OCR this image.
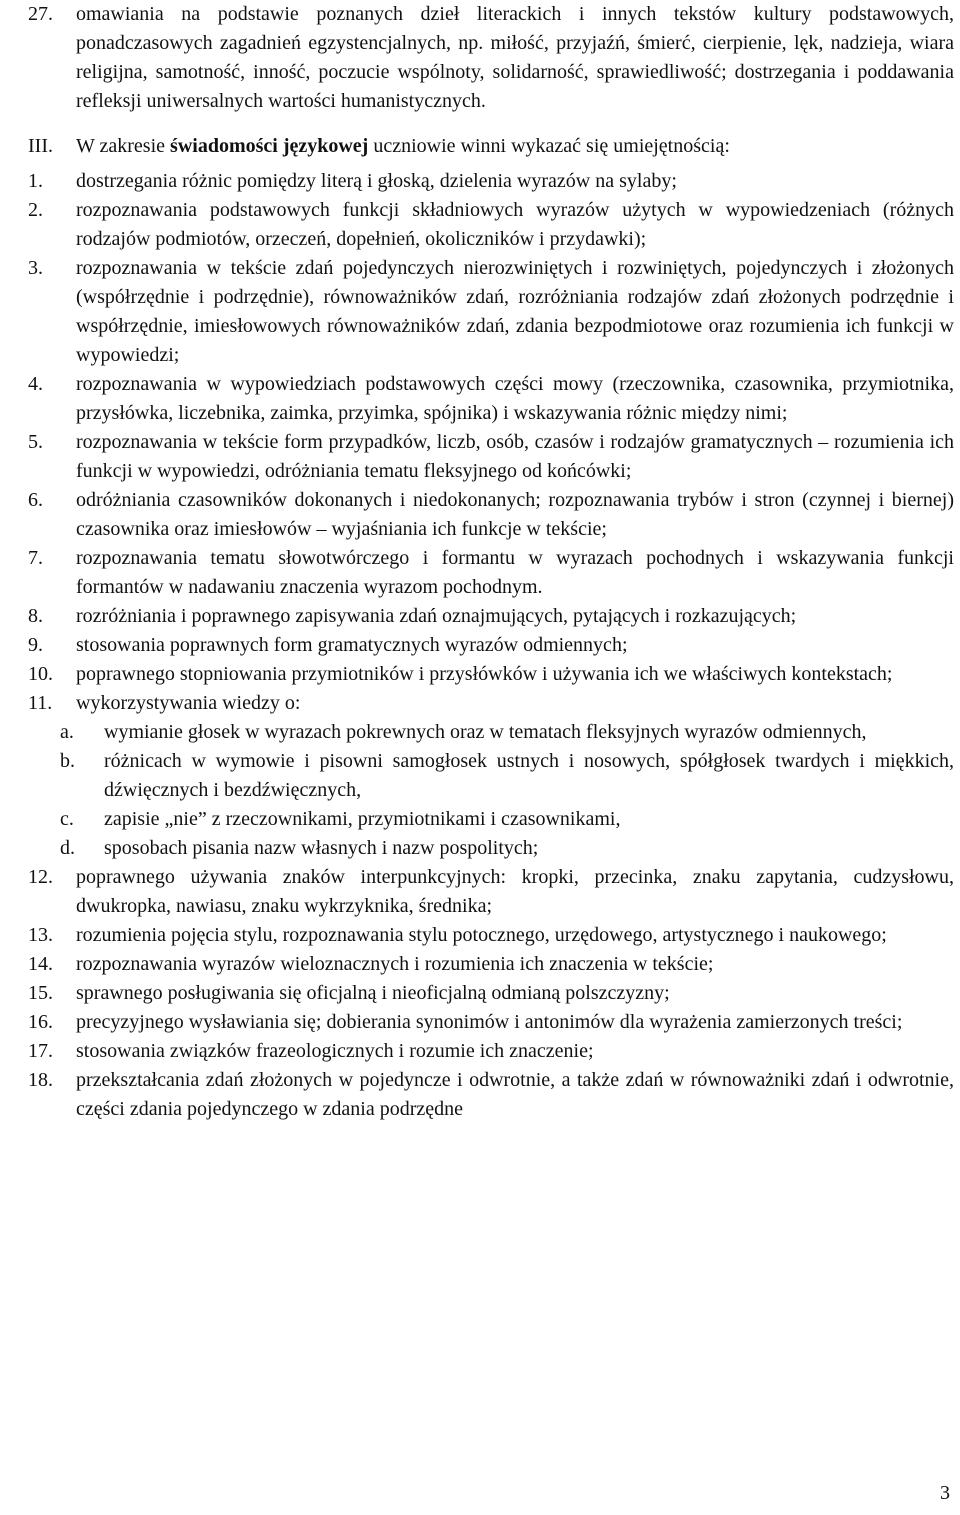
27. omawiania na podstawie poznanych dzieł literackich i innych tekstów kultury podstawowych, ponadczasowych zagadnień egzystencjalnych, np. miłość, przyjaźń, śmierć, cierpienie, lęk, nadzieja, wiara religijna, samotność, inność, poczucie wspólnoty, solidarność, sprawiedliwość; dostrzegania i poddawania refleksji uniwersalnych wartości humanistycznych.
III. W zakresie świadomości językowej uczniowie winni wykazać się umiejętnością:
1. dostrzegania różnic pomiędzy literą i głoską, dzielenia wyrazów na sylaby;
2. rozpoznawania podstawowych funkcji składniowych wyrazów użytych w wypowiedzeniach (różnych rodzajów podmiotów, orzeczeń, dopełnień, okoliczników i przydawki);
3. rozpoznawania w tekście zdań pojedynczych nierozwiniętych i rozwiniętych, pojedynczych i złożonych (współrzędnie i podrzędnie), równoważników zdań, rozróżniania rodzajów zdań złożonych podrzędnie i współrzędnie, imiesłowowych równoważników zdań, zdania bezpodmiotowe oraz rozumienia ich funkcji w wypowiedzi;
4. rozpoznawania w wypowiedziach podstawowych części mowy (rzeczownika, czasownika, przymiotnika, przysłówka, liczebnika, zaimka, przyimka, spójnika) i wskazywania różnic między nimi;
5. rozpoznawania w tekście form przypadków, liczb, osób, czasów i rodzajów gramatycznych – rozumienia ich funkcji w wypowiedzi, odróżniania tematu fleksyjnego od końcówki;
6. odróżniania czasowników dokonanych i niedokonanych; rozpoznawania trybów i stron (czynnej i biernej) czasownika oraz imiesłowów – wyjaśniania ich funkcje w tekście;
7. rozpoznawania tematu słowotwórczego i formantu w wyrazach pochodnych i wskazywania funkcji formantów w nadawaniu znaczenia wyrazom pochodnym.
8. rozróżniania i poprawnego zapisywania zdań oznajmujących, pytających i rozkazujących;
9. stosowania poprawnych form gramatycznych wyrazów odmiennych;
10. poprawnego stopniowania przymiotników i przysłówków i używania ich we właściwych kontekstach;
11. wykorzystywania wiedzy o:
a. wymianie głosek w wyrazach pokrewnych oraz w tematach fleksyjnych wyrazów odmiennych,
b. różnicach w wymowie i pisowni samogłosek ustnych i nosowych, spółgłosek twardych i miękkich, dźwięcznych i bezdźwięcznych,
c. zapisie „nie” z rzeczownikami, przymiotnikami i czasownikami,
d. sposobach pisania nazw własnych i nazw pospolitych;
12. poprawnego używania znaków interpunkcyjnych: kropki, przecinka, znaku zapytania, cudzysłowu, dwukropka, nawiasu, znaku wykrzyknika, średnika;
13. rozumienia pojęcia stylu, rozpoznawania stylu potocznego, urzędowego, artystycznego i naukowego;
14. rozpoznawania wyrazów wieloznacznych i rozumienia ich znaczenia w tekście;
15. sprawnego posługiwania się oficjalną i nieoficjalną odmianą polszczyzny;
16. precyzyjnego wysławiania się; dobierania synonimów i antonimów dla wyrażenia zamierzonych treści;
17. stosowania związków frazeologicznych i rozumie ich znaczenie;
18. przekształcania zdań złożonych w pojedyncze i odwrotnie, a także zdań w równoważniki zdań i odwrotnie, części zdania pojedynczego w zdania podrzędne
3
